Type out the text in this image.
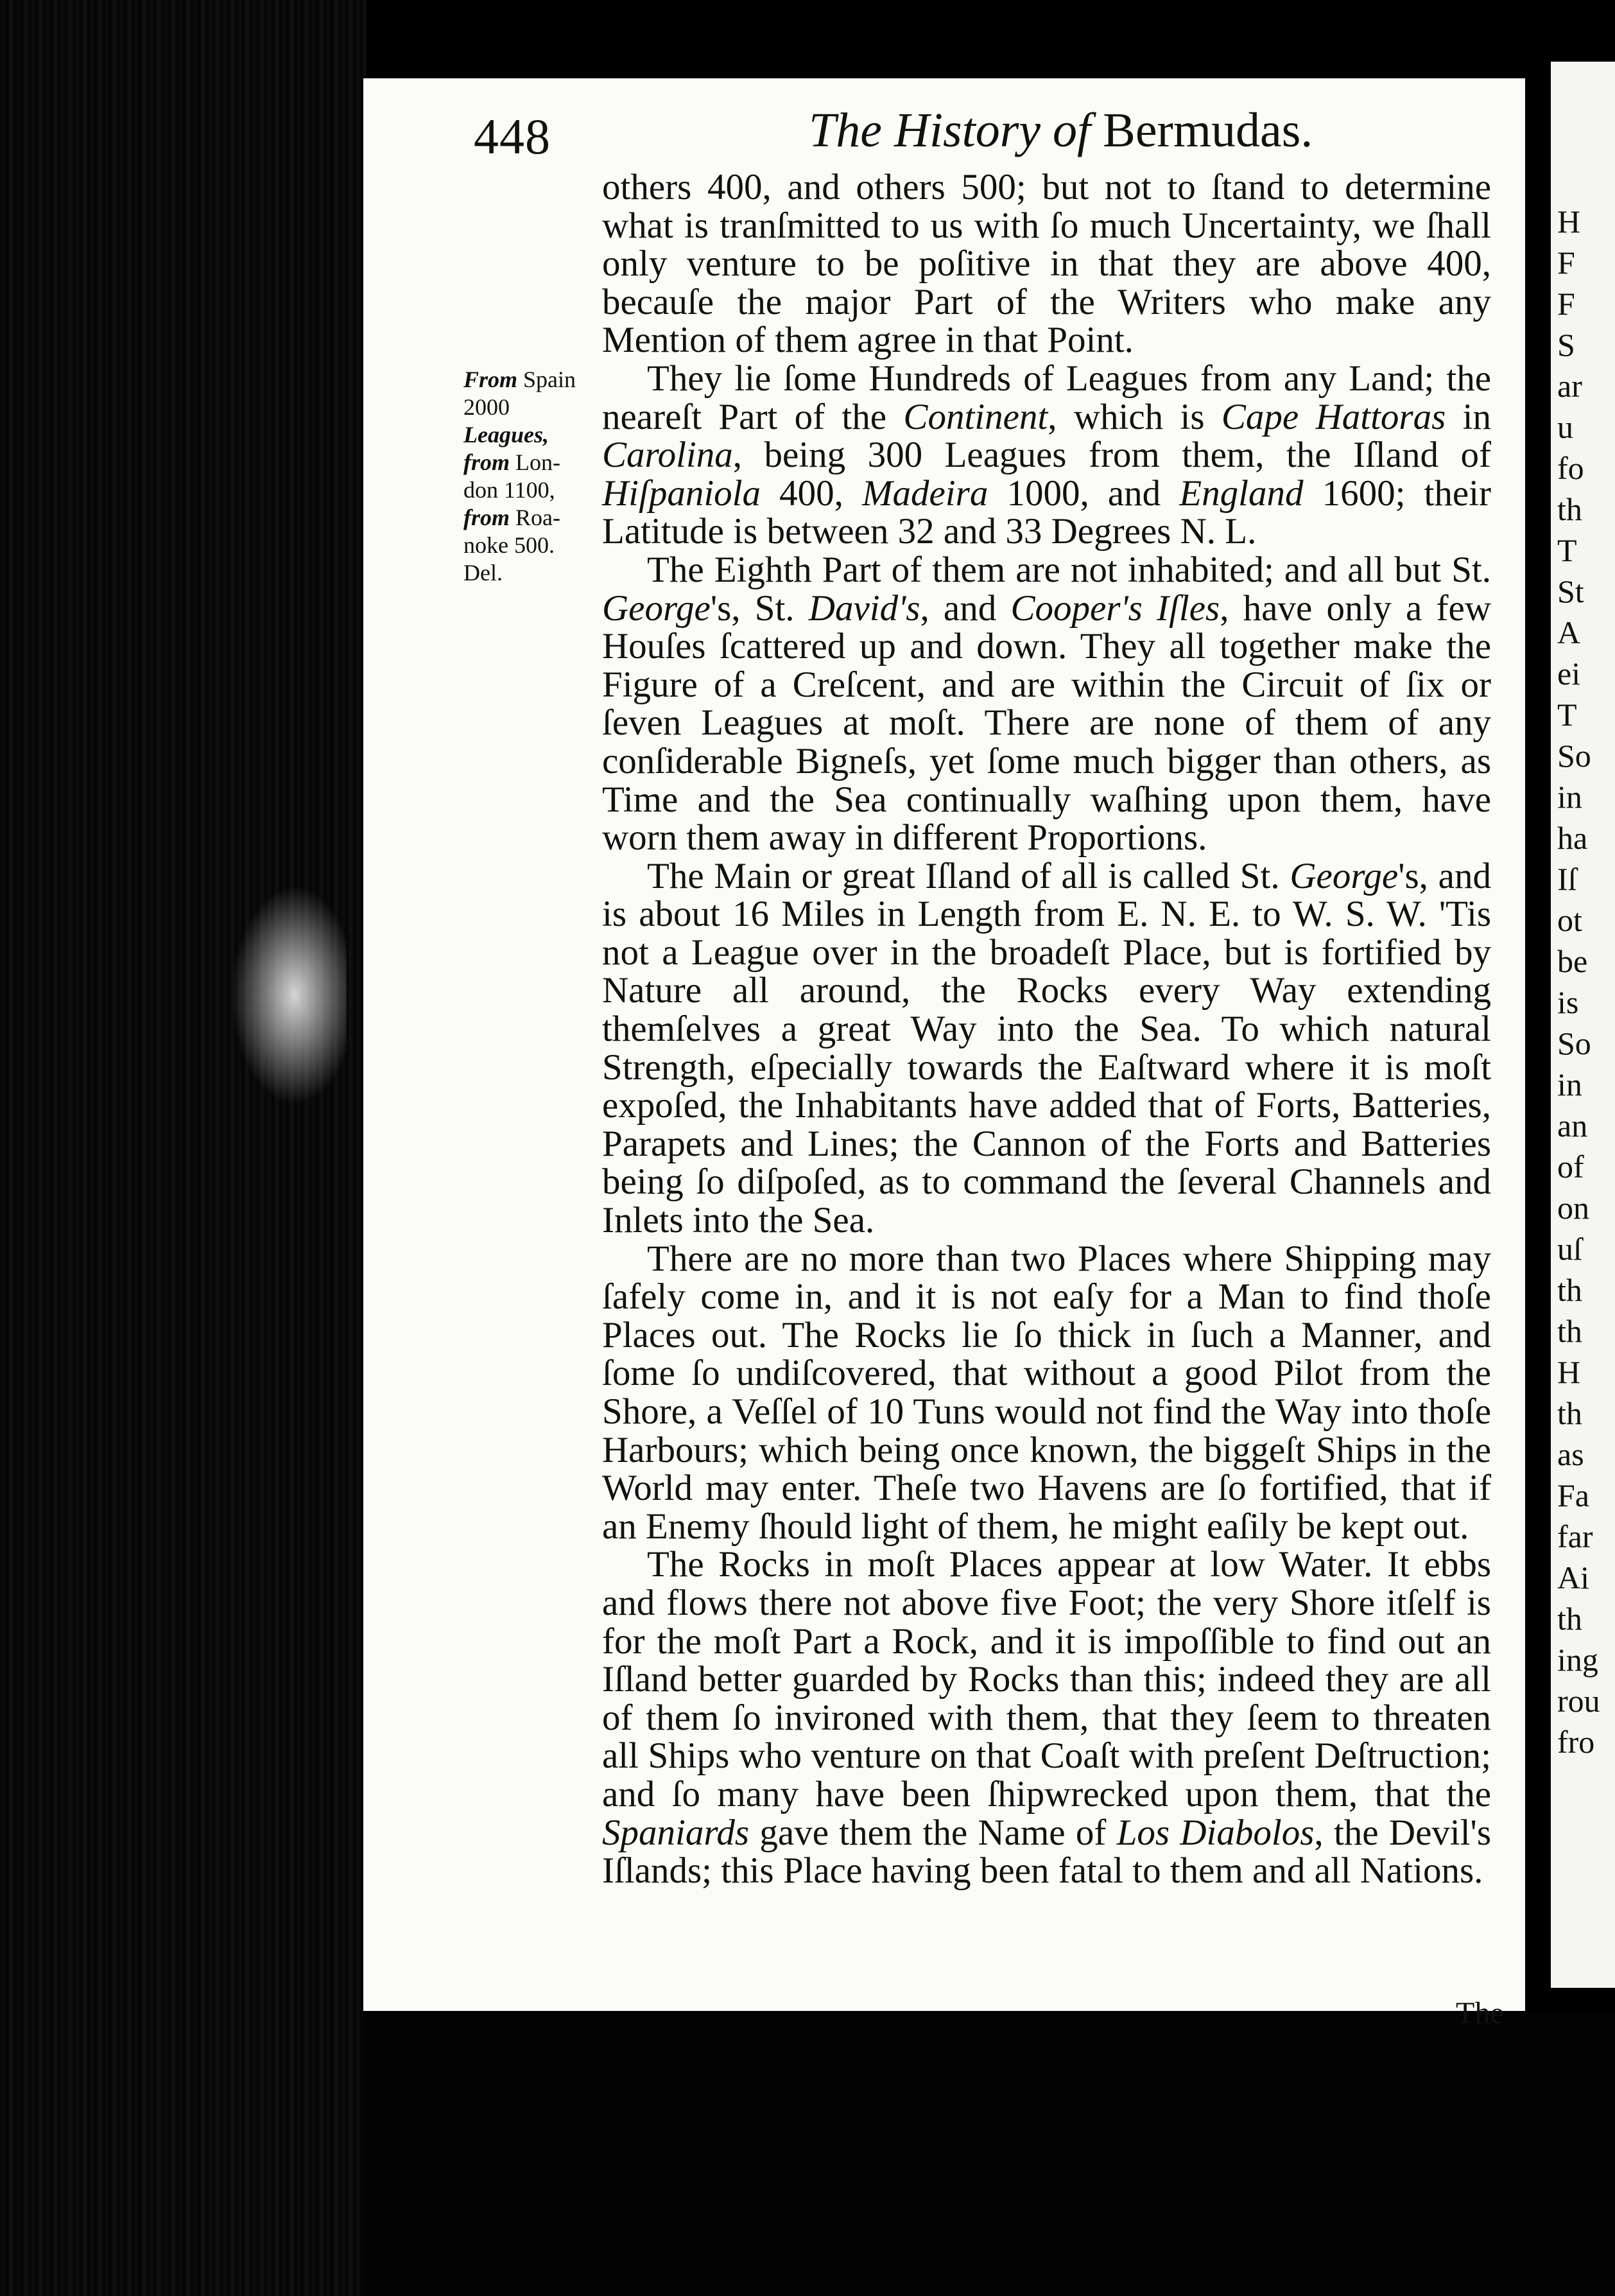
H
F
F
S
ar
u
fo
th
T
St
A
ei
T
So
in
ha
Iſ
ot
be
is
So
in
an
of
on
uſ
th
th
H
th
as
Fa
far
Ai
th
ing
rou
fro
448	The History of Bermudas.
From Spain
2000
Leagues,
from Lon-
don 1100,
from Roa-
noke 500.
Del.

others 400, and others 500; but not to ſtand to determine what is tranſmitted to us with ſo much Uncertainty, we ſhall only venture to be poſitive in that they are above 400, becauſe the major Part of the Writers who make any Mention of them agree in that Point.

They lie ſome Hundreds of Leagues from any Land; the neareſt Part of the Continent, which is Cape Hattoras in Carolina, being 300 Leagues from them, the Iſland of Hiſpaniola 400, Madeira 1000, and England 1600; their Latitude is between 32 and 33 Degrees N. L.

The Eighth Part of them are not inhabited; and all but St. George's, St. David's, and Cooper's Iſles, have only a few Houſes ſcattered up and down. They all together make the Figure of a Creſcent, and are within the Circuit of ſix or ſeven Leagues at moſt. There are none of them of any conſiderable Bigneſs, yet ſome much bigger than others, as Time and the Sea continually waſhing upon them, have worn them away in different Proportions.

The Main or great Iſland of all is called St. George's, and is about 16 Miles in Length from E. N. E. to W. S. W. 'Tis not a League over in the broadeſt Place, but is fortified by Nature all around, the Rocks every Way extending themſelves a great Way into the Sea. To which natural Strength, eſpecially towards the Eaſtward where it is moſt expoſed, the Inhabitants have added that of Forts, Batteries, Parapets and Lines; the Cannon of the Forts and Batteries being ſo diſpoſed, as to command the ſeveral Channels and Inlets into the Sea.

There are no more than two Places where Shipping may ſafely come in, and it is not eaſy for a Man to find thoſe Places out. The Rocks lie ſo thick in ſuch a Manner, and ſome ſo undiſcovered, that without a good Pilot from the Shore, a Veſſel of 10 Tuns would not find the Way into thoſe Harbours; which being once known, the biggeſt Ships in the World may enter. Theſe two Havens are ſo fortified, that if an Enemy ſhould light of them, he might eaſily be kept out.

The Rocks in moſt Places appear at low Water. It ebbs and flows there not above five Foot; the very Shore itſelf is for the moſt Part a Rock, and it is impoſſible to find out an Iſland better guarded by Rocks than this; indeed they are all of them ſo invironed with them, that they ſeem to threaten all Ships who venture on that Coaſt with preſent Deſtruction; and ſo many have been ſhipwrecked upon them, that the Spaniards gave them the Name of Los Diabolos, the Devil's Iſlands; this Place having been fatal to them and all Nations.

The
